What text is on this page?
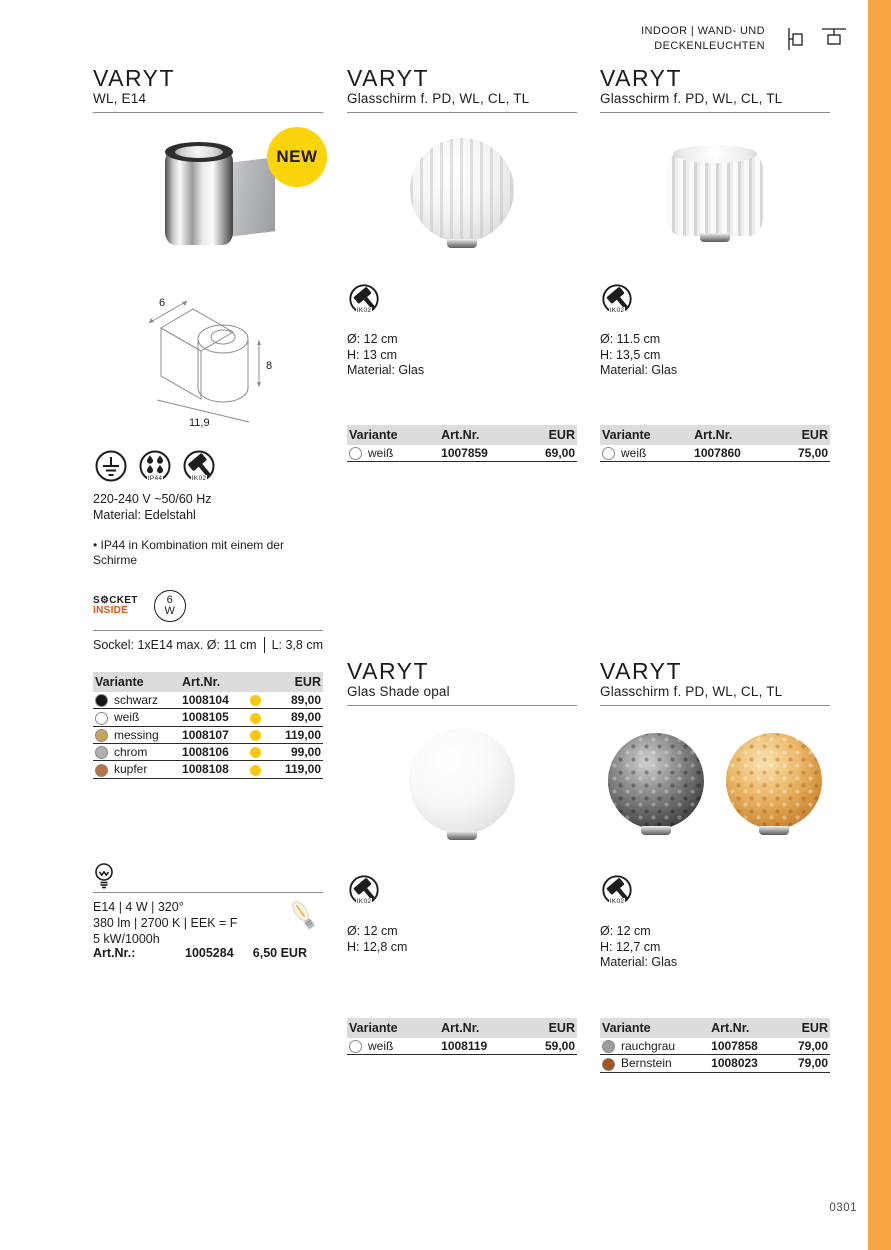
INDOOR | WAND- UND
DECKENLEUCHTEN
0301
VARYT
WL, E14
NEW
6
8
11,9
IP44	IK02
220-240 V ~50/60 Hz
Material: Edelstahl
• IP44 in Kombination mit einem der Schirme
S⚙CKET
INSIDE
6
W
Sockel: 1xE14 max. Ø: 11 cm L: 3,8 cm
Variante		Art.Nr.		EUR
	schwarz	1008104		89,00
	weiß	1008105		89,00
	messing	1008107		119,00
	chrom	1008106		99,00
	kupfer	1008108		119,00
E14 | 4 W | 320°
380 lm | 2700 K | EEK = F
5 kW/1000h
Art.Nr.:	1005284	6,50 EUR
VARYT
Glasschirm f. PD, WL, CL, TL
IK02
Ø: 12 cm
H: 13 cm
Material: Glas
Variante		Art.Nr.	EUR
	weiß	1007859	69,00
VARYT
Glas Shade opal
IK02
Ø: 12 cm
H: 12,8 cm
Variante		Art.Nr.	EUR
	weiß	1008119	59,00
VARYT
Glasschirm f. PD, WL, CL, TL
IK02
Ø: 11.5 cm
H: 13,5 cm
Material: Glas
Variante		Art.Nr.	EUR
	weiß	1007860	75,00
VARYT
Glasschirm f. PD, WL, CL, TL
IK02
Ø: 12 cm
H: 12,7 cm
Material: Glas
Variante		Art.Nr.	EUR
	rauchgrau	1007858	79,00
	Bernstein	1008023	79,00
